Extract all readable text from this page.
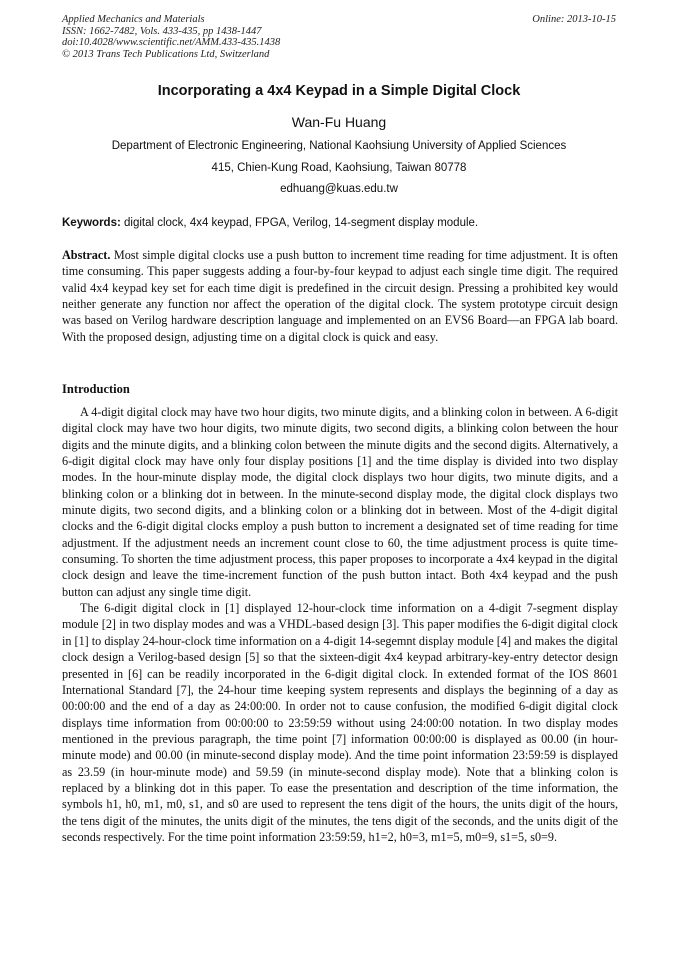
Applied Mechanics and Materials
ISSN: 1662-7482, Vols. 433-435, pp 1438-1447
doi:10.4028/www.scientific.net/AMM.433-435.1438
© 2013 Trans Tech Publications Ltd, Switzerland
Online: 2013-10-15
Incorporating a 4x4 Keypad in a Simple Digital Clock
Wan-Fu Huang
Department of Electronic Engineering, National Kaohsiung University of Applied Sciences
415, Chien-Kung Road, Kaohsiung, Taiwan 80778
edhuang@kuas.edu.tw
Keywords: digital clock, 4x4 keypad, FPGA, Verilog, 14-segment display module.
Abstract. Most simple digital clocks use a push button to increment time reading for time adjustment. It is often time consuming. This paper suggests adding a four-by-four keypad to adjust each single time digit. The required valid 4x4 keypad key set for each time digit is predefined in the circuit design. Pressing a prohibited key would neither generate any function nor affect the operation of the digital clock. The system prototype circuit design was based on Verilog hardware description language and implemented on an EVS6 Board—an FPGA lab board. With the proposed design, adjusting time on a digital clock is quick and easy.
Introduction

A 4-digit digital clock may have two hour digits, two minute digits, and a blinking colon in between. A 6-digit digital clock may have two hour digits, two minute digits, two second digits, a blinking colon between the hour digits and the minute digits, and a blinking colon between the minute digits and the second digits. Alternatively, a 6-digit digital clock may have only four display positions [1] and the time display is divided into two display modes. In the hour-minute display mode, the digital clock displays two hour digits, two minute digits, and a blinking colon or a blinking dot in between. In the minute-second display mode, the digital clock displays two minute digits, two second digits, and a blinking colon or a blinking dot in between. Most of the 4-digit digital clocks and the 6-digit digital clocks employ a push button to increment a designated set of time reading for time adjustment. If the adjustment needs an increment count close to 60, the time adjustment process is quite time-consuming. To shorten the time adjustment process, this paper proposes to incorporate a 4x4 keypad in the digital clock design and leave the time-increment function of the push button intact. Both 4x4 keypad and the push button can adjust any single time digit.

The 6-digit digital clock in [1] displayed 12-hour-clock time information on a 4-digit 7-segment display module [2] in two display modes and was a VHDL-based design [3]. This paper modifies the 6-digit digital clock in [1] to display 24-hour-clock time information on a 4-digit 14-segemnt display module [4] and makes the digital clock design a Verilog-based design [5] so that the sixteen-digit 4x4 keypad arbitrary-key-entry detector design presented in [6] can be readily incorporated in the 6-digit digital clock. In extended format of the IOS 8601 International Standard [7], the 24-hour time keeping system represents and displays the beginning of a day as 00:00:00 and the end of a day as 24:00:00. In order not to cause confusion, the modified 6-digit digital clock displays time information from 00:00:00 to 23:59:59 without using 24:00:00 notation. In two display modes mentioned in the previous paragraph, the time point [7] information 00:00:00 is displayed as 00.00 (in hour-minute mode) and 00.00 (in minute-second display mode). And the time point information 23:59:59 is displayed as 23.59 (in hour-minute mode) and 59.59 (in minute-second display mode). Note that a blinking colon is replaced by a blinking dot in this paper. To ease the presentation and description of the time information, the symbols h1, h0, m1, m0, s1, and s0 are used to represent the tens digit of the hours, the units digit of the hours, the tens digit of the minutes, the units digit of the minutes, the tens digit of the seconds, and the units digit of the seconds respectively. For the time point information 23:59:59, h1=2, h0=3, m1=5, m0=9, s1=5, s0=9.
